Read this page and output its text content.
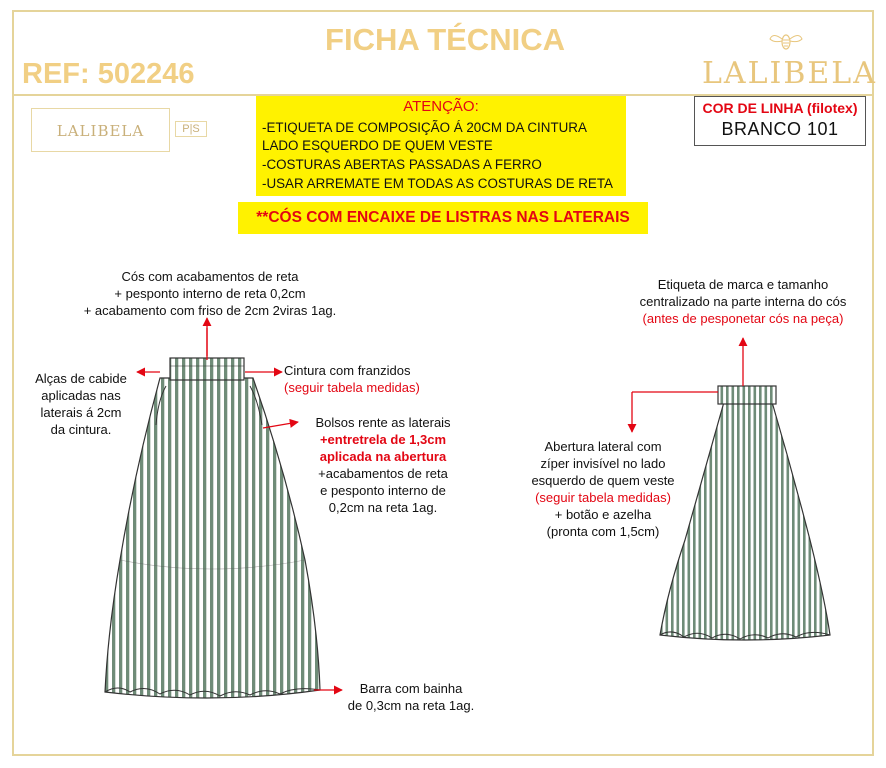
FICHA TÉCNICA
REF: 502246	LALIBELA
LALIBELA	P|S
ATENÇÃO:
-ETIQUETA DE COMPOSIÇÃO Á 20CM DA CINTURA
LADO ESQUERDO DE QUEM VESTE
-COSTURAS ABERTAS PASSADAS A FERRO
-USAR ARREMATE EM TODAS AS COSTURAS DE RETA
**CÓS COM ENCAIXE DE LISTRAS NAS LATERAIS
COR DE LINHA (filotex)
BRANCO 101
Cós com acabamentos de reta
+ pesponto interno de reta 0,2cm
+ acabamento com friso de 2cm 2viras 1ag.
Alças de cabide
aplicadas nas
laterais á 2cm
da cintura.
Cintura com franzidos
(seguir tabela medidas)
Bolsos rente as laterais
+entretrela de 1,3cm
aplicada na abertura
+acabamentos de reta
e pesponto interno de
0,2cm na reta 1ag.
Barra com bainha
de 0,3cm na reta 1ag.
Etiqueta de marca e tamanho
centralizado na parte interna do cós
(antes de pesponetar cós na peça)
Abertura lateral com
zíper invisível no lado
esquerdo de quem veste
(seguir tabela medidas)
+ botão e azelha
(pronta com 1,5cm)
